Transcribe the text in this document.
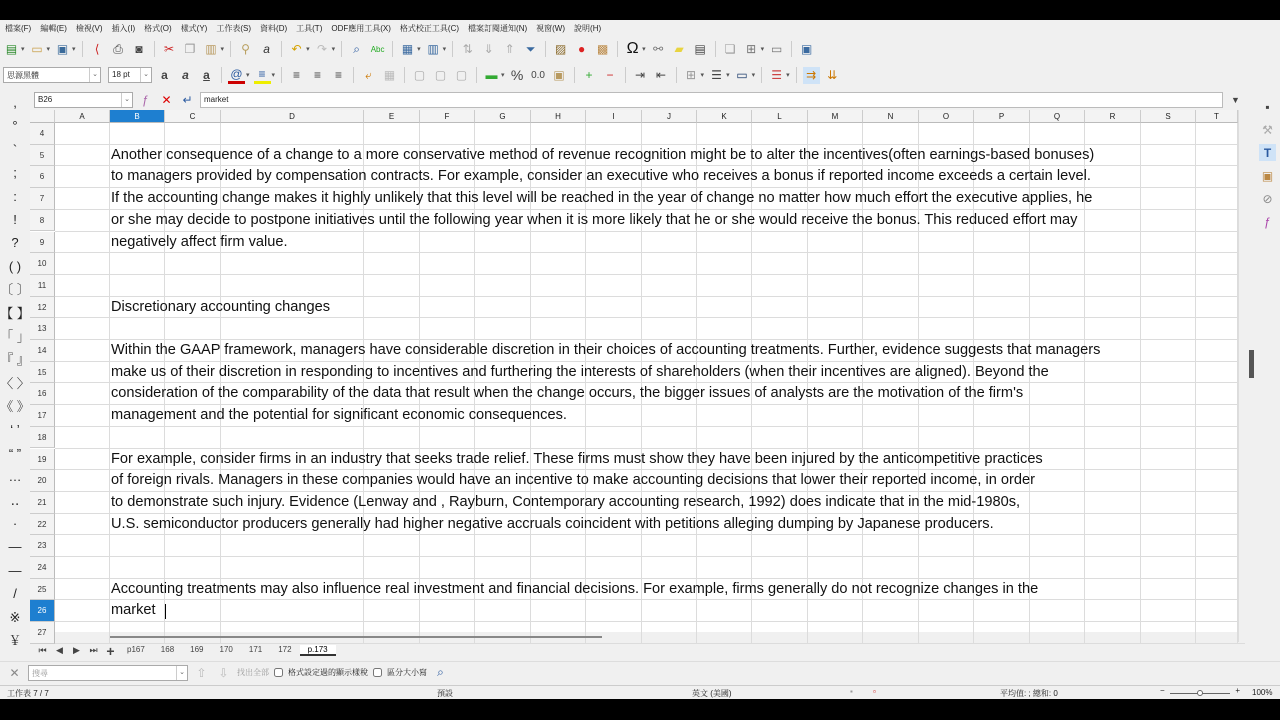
檔案(F) 編輯(E) 檢視(V) 插入(I) 格式(O) 樣式(Y) 工作表(S) 資料(D) 工具(T) ODF應用工具(X) 格式校正工具(C) 檔案訂閱通知(N) 視窗(W) 說明(H)
▤ ▾ ▭ ▾ ▣ ▾	⟨	⎙	◙	✂ ❐ ▥ ▾	⚲	a	↶ ▾ ↷ ▾	⌕	Abc ▦ ▾ ▥ ▾ ⇅ ⇓ ⇑ ⏷	▨ ● ▩ Ω ▾ ⚯ ▰ ▤ ❏ ⊞ ▾ ▭ ▣
思源黑體	⌄	18 pt	⌄	a	a	a	@ ▾ ≡ ▾	≡	≡	≡	⤶ ▦ ▢ ▢ ▢ ▬ ▾ % 0.0 ▣	+	−	⇥ ⇤ ⊞ ▾ ☰ ▾ ▭ ▾ ☰ ▾ ⇉ ⇊
B26	⌄	ƒ	✕ ↵	market	▼
,
°
`
;
:
!
?
( )
〔 〕
【 】
「 」
『 』
〈 〉
《 》
‘ ’
“ ”
…
‥
·
—
—
/
※
￥
A	B	C	D	E	F	G	H	I	J	K	L	M	N	O	P	Q	R	S	T
4
5	Another consequence of a change to a more conservative method of revenue recognition might be to alter the incentives(often earnings-based bonuses)
6	to managers provided by compensation contracts. For example, consider an executive who receives a bonus if reported income exceeds a certain level.
7	If the accounting change makes it highly unlikely that this level will be reached in the year of change no matter how much effort the executive applies, he
8	or she may decide to postpone initiatives until the following year when it is more likely that he or she would receive the bonus. This reduced effort may
9	negatively affect firm value.
10
11
12	Discretionary accounting changes
13
14	Within the GAAP framework, managers have considerable discretion in their choices of accounting treatments. Further, evidence suggests that managers
15	make us of their discretion in responding to incentives and furthering the interests of shareholders (when their incentives are aligned). Beyond the
16	consideration of the comparability of the data that result when the change occurs, the bigger issues of analysts are the motivation of the firm's
17	management and the potential for significant economic consequences.
18
19	For example, consider firms in an industry that seeks trade relief. These firms must show they have been injured by the anticompetitive practices
20	of foreign rivals. Managers in these companies would have an incentive to make accounting decisions that lower their reported income, in order
21	to demonstrate such injury. Evidence (Lenway and , Rayburn, Contemporary accounting research, 1992) does indicate that in the mid-1980s,
22	U.S. semiconductor producers generally had higher negative accruals coincident with petitions alleging dumping by Japanese producers.
23
24
25	Accounting treatments may also influence real investment and financial decisions. For example, firms generally do not recognize changes in the
26	market
27
▪ ⚒ T ▣ ⊘ ƒ
⏮	◀	▶	⏭ +	p167	168	169	170	171	172	p.173
✕	搜尋	⌄ ⇧ ⇩	找出全部 格式設定過的顯示樣稅 區分大小寫 ⌕
工作表 7 / 7	預設	英文 (美國)	▪	▫	平均值: ; 總和: 0	−	+ 100%
